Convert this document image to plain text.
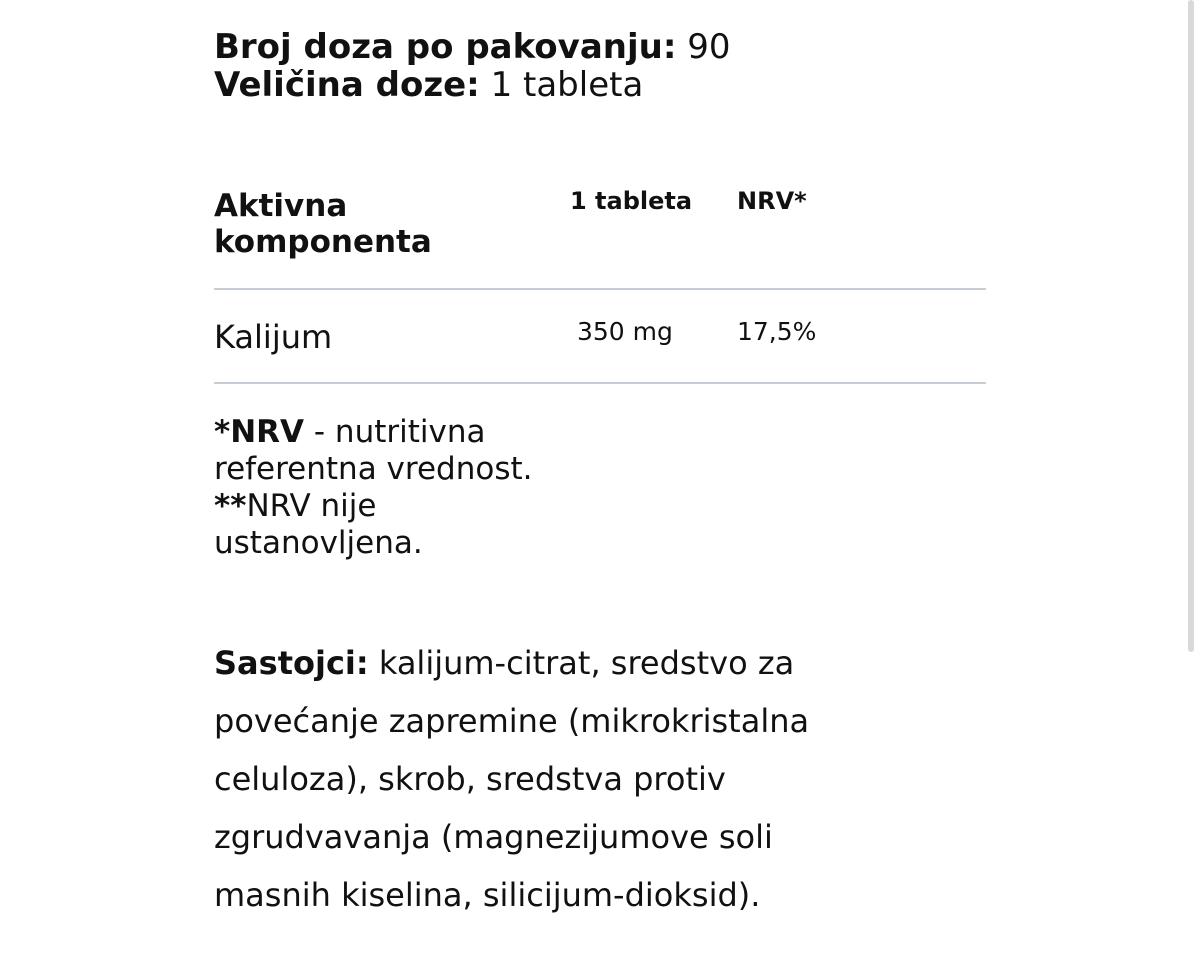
Broj doza po pakovanju: 90
Veličina doze: 1 tableta
Aktivna komponenta
1 tableta NRV*
Kalijum	350 mg	17,5%
*NRV - nutritivna referentna vrednost. **NRV nije ustanovljena.
Sastojci: kalijum-citrat, sredstvo za
povećanje zapremine (mikrokristalna
celuloza), skrob, sredstva protiv
zgrudvavanja (magnezijumove soli
masnih kiselina, silicijum-dioksid).
